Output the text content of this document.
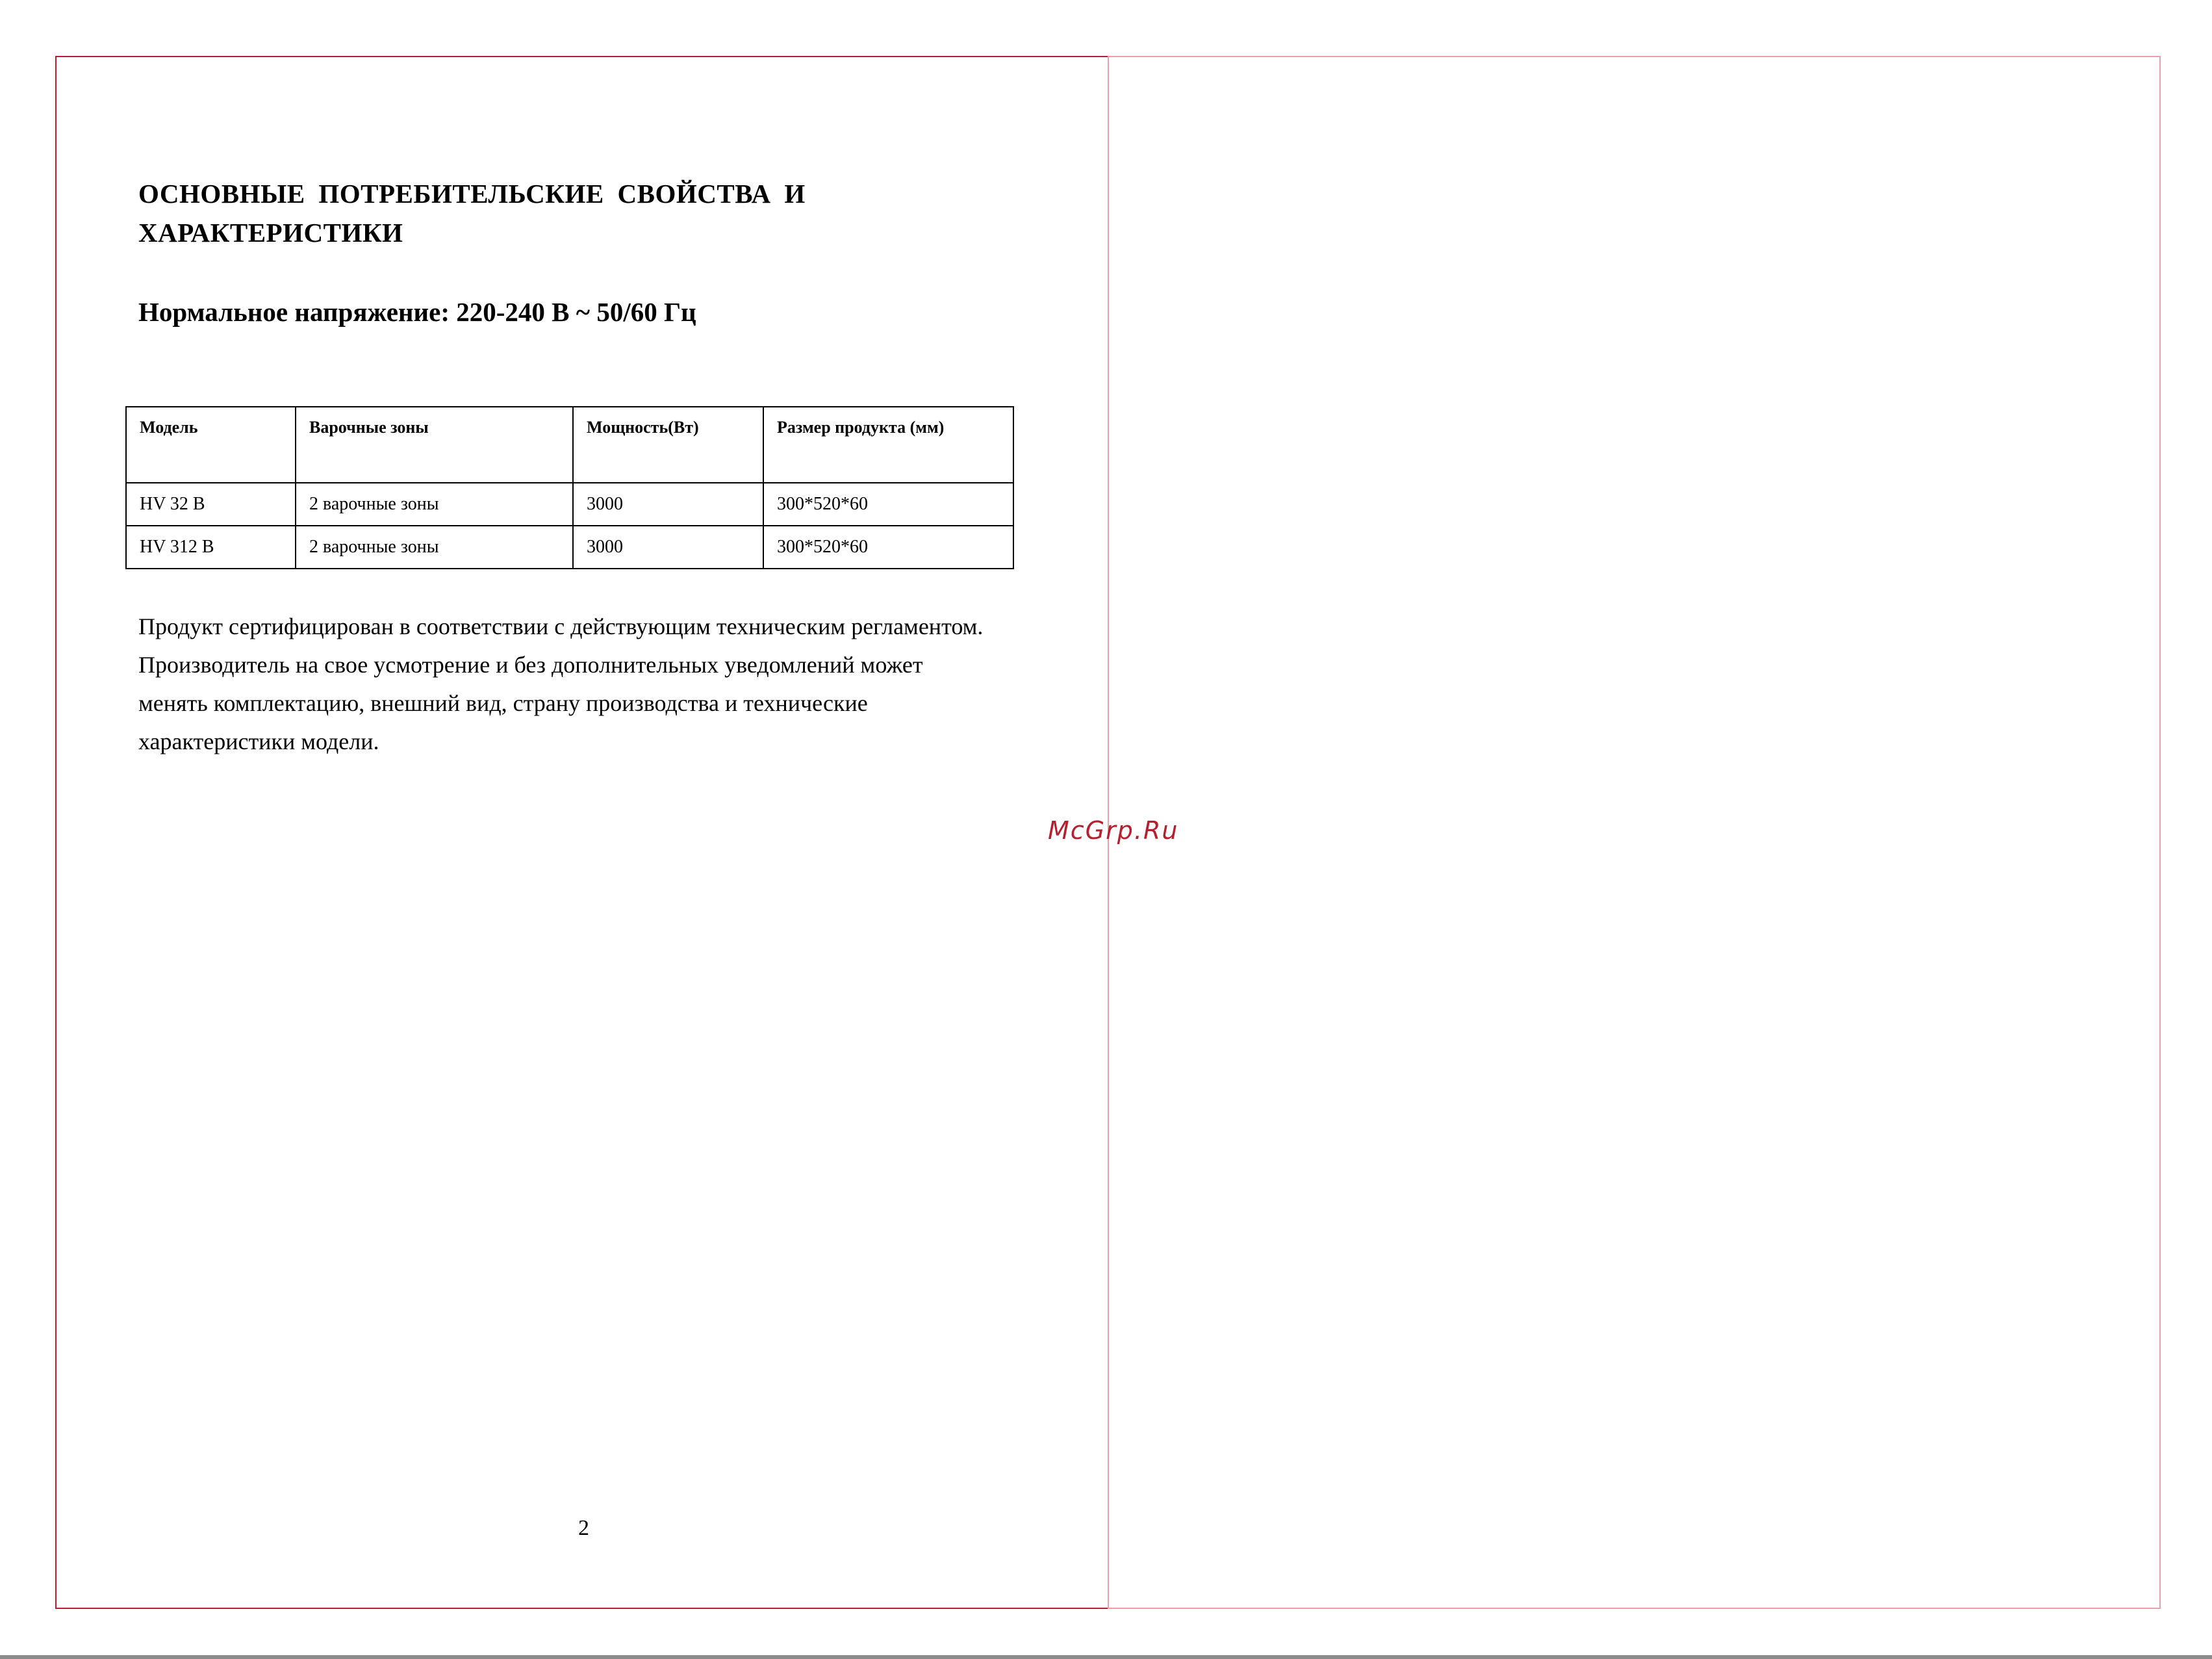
ОСНОВНЫЕ ПОТРЕБИТЕЛЬСКИЕ СВОЙСТВА И
ХАРАКТЕРИСТИКИ

Нормальное напряжение: 220-240 В ~ 50/60 Гц

Модель	Варочные зоны	Мощность(Вт)	Размер продукта (мм)
HV 32 B	2 варочные зоны	3000	300*520*60
HV 312 B	2 варочные зоны	3000	300*520*60

Продукт сертифицирован в соответствии с действующим техническим регламентом.
Производитель на свое усмотрение и без дополнительных уведомлений может
менять комплектацию, внешний вид, страну производства и технические
характеристики модели.

McGrp.Ru
2
